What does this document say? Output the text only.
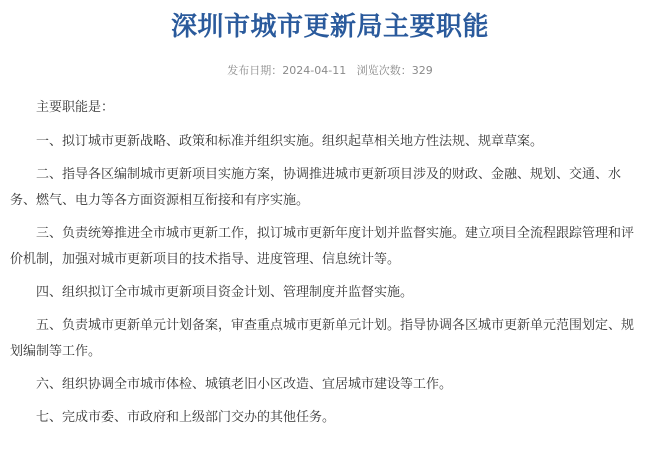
深圳市城市更新局主要职能
发布日期：2024-04-11 浏览次数：329

主要职能是：

一、拟订城市更新战略、政策和标准并组织实施。组织起草相关地方性法规、规章草案。

二、指导各区编制城市更新项目实施方案，协调推进城市更新项目涉及的财政、金融、规划、交通、水务、燃气、电力等各方面资源相互衔接和有序实施。

三、负责统筹推进全市城市更新工作，拟订城市更新年度计划并监督实施。建立项目全流程跟踪管理和评价机制，加强对城市更新项目的技术指导、进度管理、信息统计等。

四、组织拟订全市城市更新项目资金计划、管理制度并监督实施。

五、负责城市更新单元计划备案，审查重点城市更新单元计划。指导协调各区城市更新单元范围划定、规划编制等工作。

六、组织协调全市城市体检、城镇老旧小区改造、宜居城市建设等工作。

七、完成市委、市政府和上级部门交办的其他任务。
